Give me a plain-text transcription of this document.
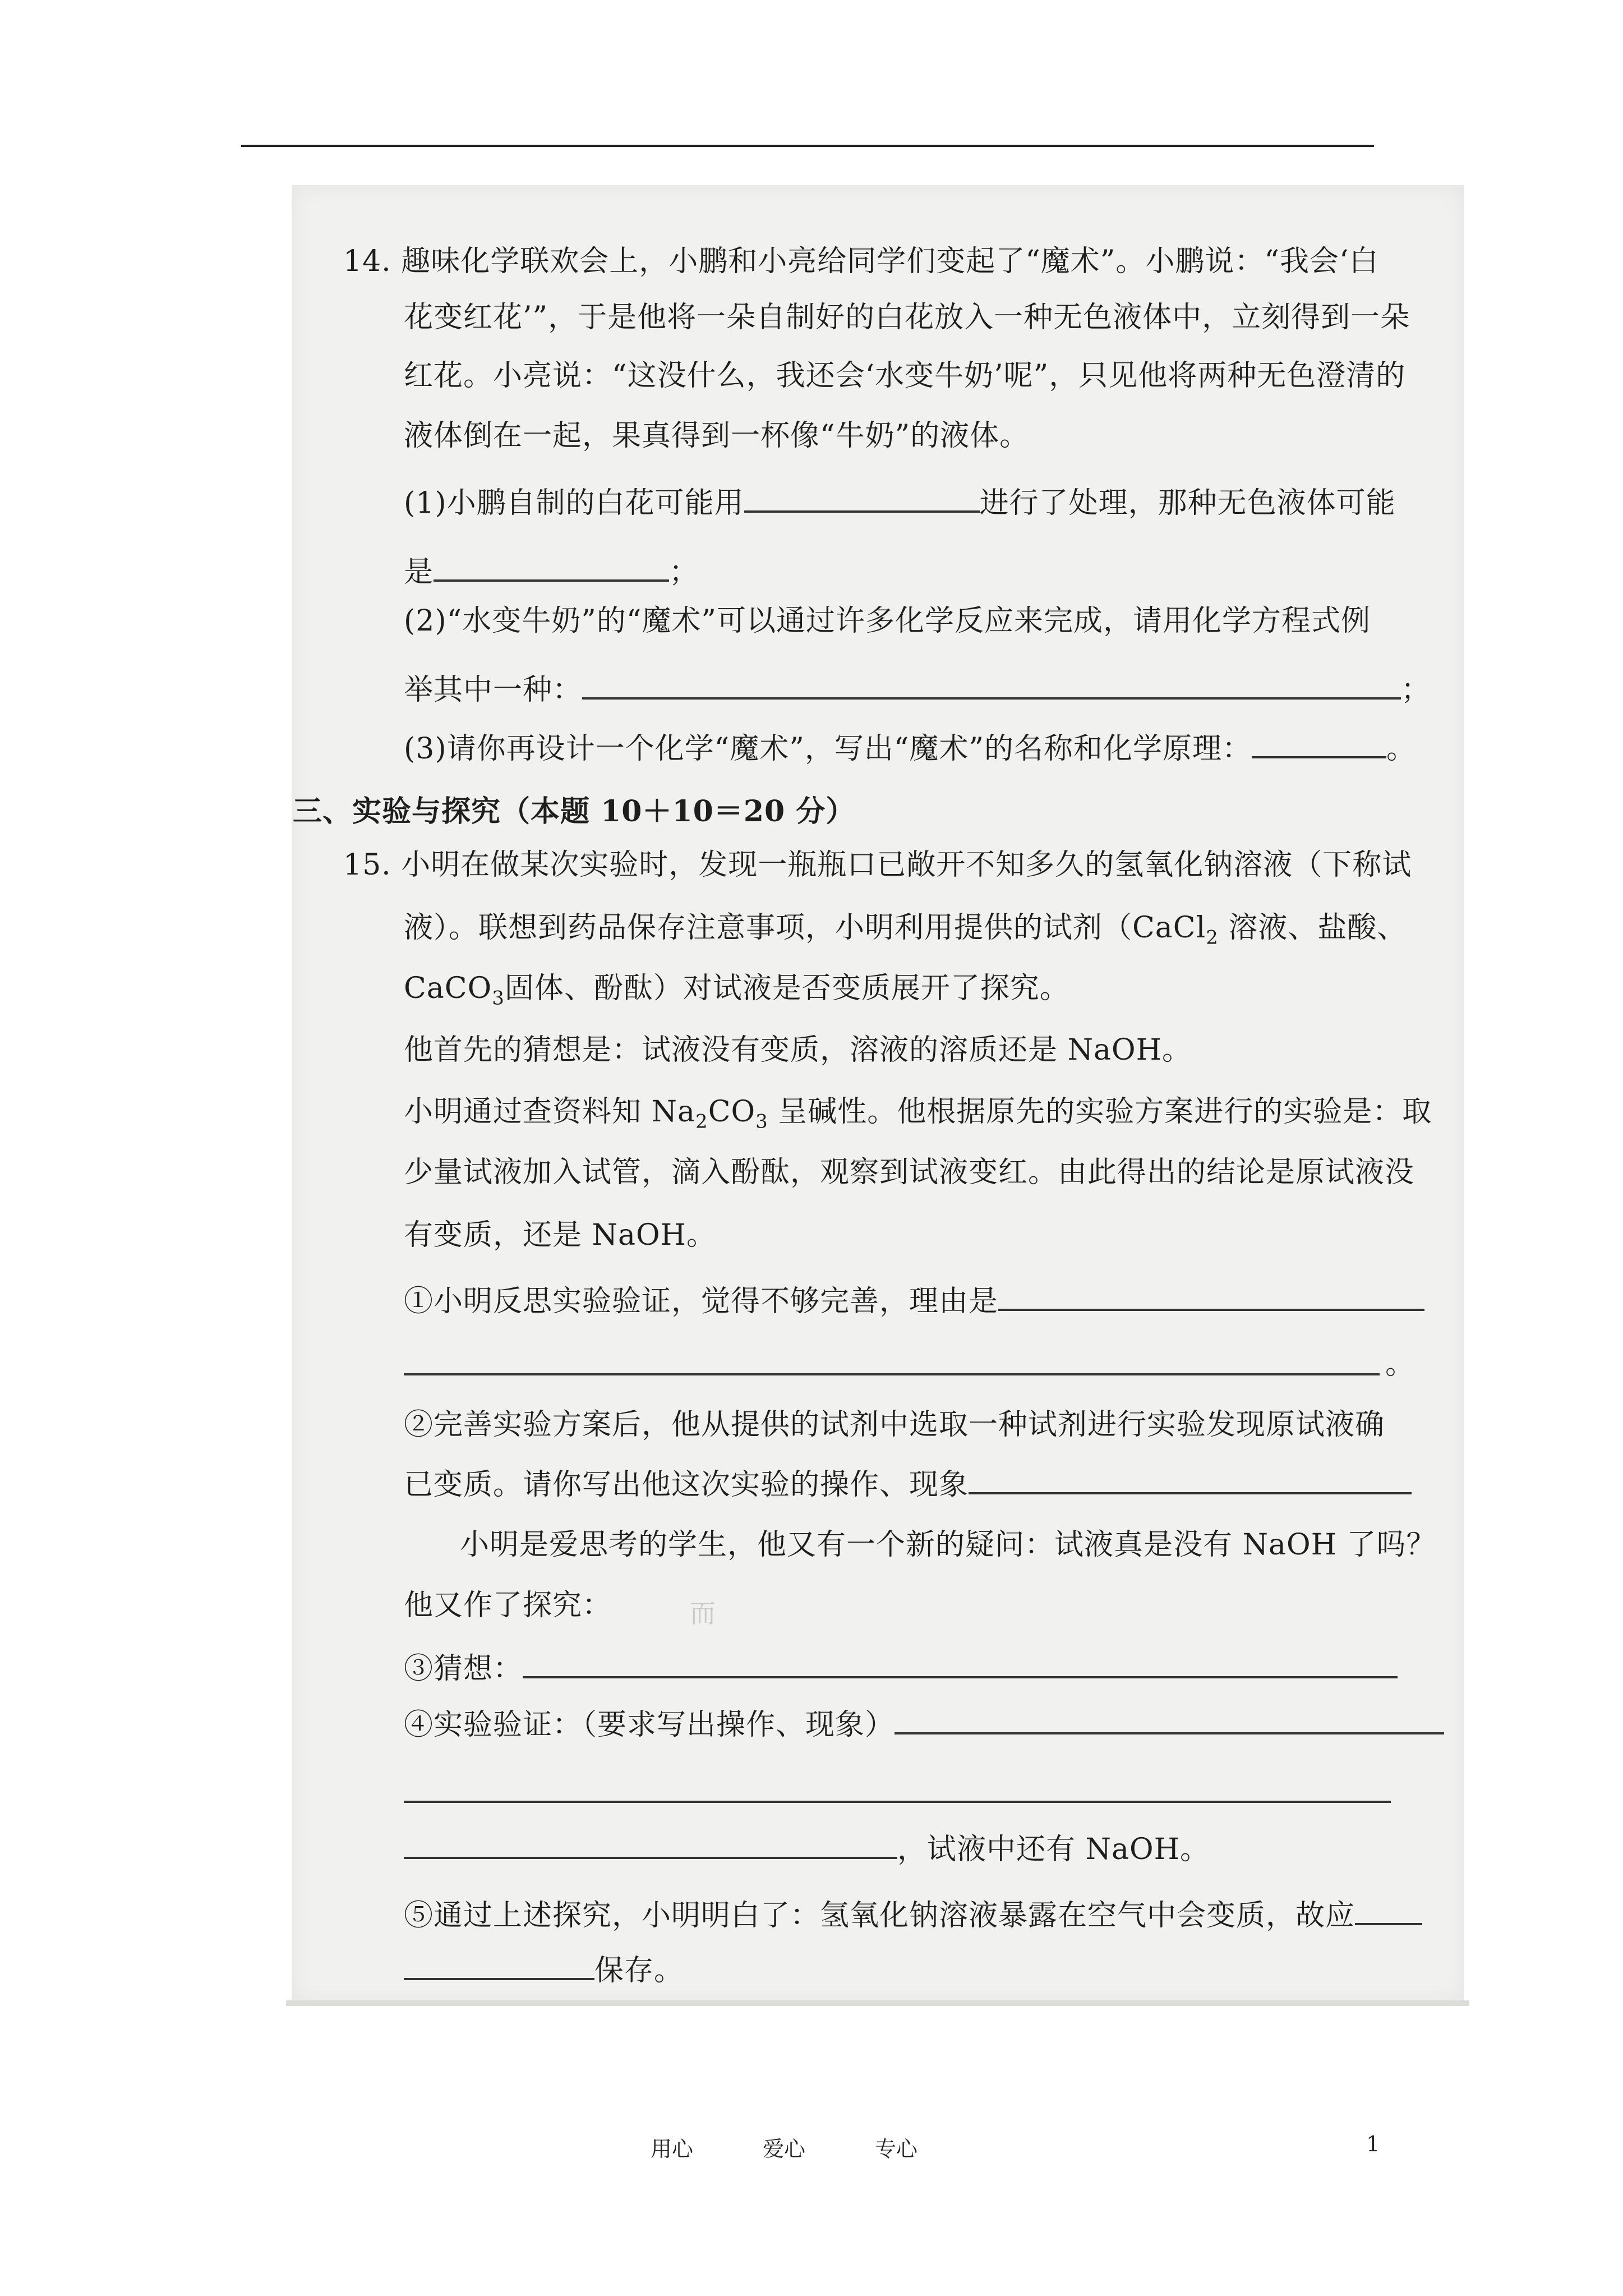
而
14. 趣味化学联欢会上，小鹏和小亮给同学们变起了“魔术”。小鹏说：“我会‘白
花变红花’”，于是他将一朵自制好的白花放入一种无色液体中，立刻得到一朵
红花。小亮说：“这没什么，我还会‘水变牛奶’呢”，只见他将两种无色澄清的
液体倒在一起，果真得到一杯像“牛奶”的液体。
(1)小鹏自制的白花可能用	进行了处理，那种无色液体可能
是	；
(2)“水变牛奶”的“魔术”可以通过许多化学反应来完成，请用化学方程式例
举其中一种：	；
(3)请你再设计一个化学“魔术”，写出“魔术”的名称和化学原理：	。
三、实验与探究（本题 10＋10＝20 分）
15. 小明在做某次实验时，发现一瓶瓶口已敞开不知多久的氢氧化钠溶液（下称试
液）。联想到药品保存注意事项，小明利用提供的试剂（CaCl$_2$ 溶液、盐酸、
CaCO$_3$固体、酚酞）对试液是否变质展开了探究。
他首先的猜想是：试液没有变质，溶液的溶质还是 NaOH。
小明通过查资料知 $Na_2CO_3$ 呈碱性。他根据原先的实验方案进行的实验是：取
少量试液加入试管，滴入酚酞，观察到试液变红。由此得出的结论是原试液没
有变质，还是 NaOH。
①小明反思实验验证，觉得不够完善，理由是
。
②完善实验方案后，他从提供的试剂中选取一种试剂进行实验发现原试液确
已变质。请你写出他这次实验的操作、现象
小明是爱思考的学生，他又有一个新的疑问：试液真是没有 NaOH 了吗？
他又作了探究：
③猜想：
④实验验证：（要求写出操作、现象）
，试液中还有 NaOH。
⑤通过上述探究，小明明白了：氢氧化钠溶液暴露在空气中会变质，故应
保存。
用心	爱心	专心	1
